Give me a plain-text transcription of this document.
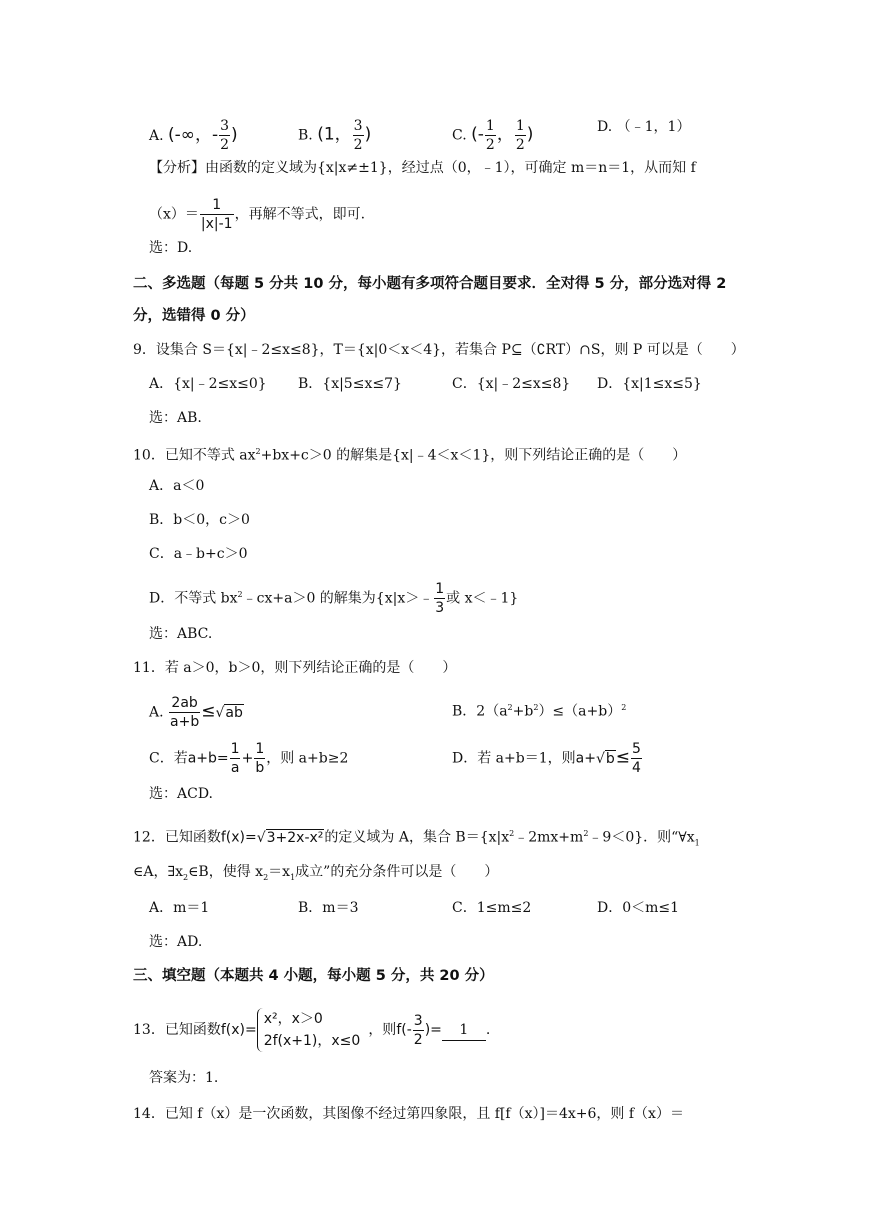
A. (-∞，- $\frac{3}{2}$ )	B. (1， $\frac{3}{2}$ )	C. (- $\frac{1}{2}$ ， $\frac{1}{2}$ )	D. （﹣1，1）
【分析】由函数的定义域为{x|x≠±1}，经过点（0，﹣1），可确定 m＝n＝1，从而知 f
$(x)= \frac{1}{|x|-1}$ ，再解不等式，即可.
选：D.
二、多选题（每题 5 分共 10 分，每小题有多项符合题目要求．全对得 5 分，部分选对得 2
分，选错得 0 分）
9．设集合 S＝{x|﹣2≤x≤8}，T＝{x|0＜x＜4}，若集合 P⊆（∁RT）∩S，则 P 可以是（　　）
A．{x|﹣2≤x≤0} B．{x|5≤x≤7}	C．{x|﹣2≤x≤8} D．{x|1≤x≤5}
选：AB.
10．已知不等式 $ax^2+bx+c>0$ 的解集是{x|﹣4＜x＜1}，则下列结论正确的是（　　）
A．a＜0
B．b＜0，c＞0
C．a﹣b+c＞0
D．不等式 $bx^2﹣cx+a>0$ 的解集为{x|x＞﹣ $\frac{1}{3}$ 或 x＜﹣1}
选：ABC.
11．若 a＞0，b＞0，则下列结论正确的是（　　）
A. $\frac{2ab}{a+b} \le√ab$	B．$2(a^2+b^2)\le(a+b)^2$
C．若$a+b= \frac{1}{a} + \frac{1}{b}$ ，则 a+b≥2	D．若 a+b＝1，则$a+√b\le \frac{5}{4}$
选：ACD.
12．已知函数f(x)=√3+2x-x²的定义域为 A，集合 $B=\{x|x^2﹣2mx+m^2﹣9<0\}$．则“$\forall x_1$
∈A，$\exists x_2\in B$，使得 $x_2=x_1$成立”的充分条件可以是（　　）
A．m＝1	B．m＝3	C．1≤m≤2	D．0＜m≤1
选：AD.
三、填空题（本题共 4 小题，每小题 5 分，共 20 分）
13．已知函数 f(x)=
x²，x＞0
2f(x+1)，x≤0
，则 $f(- \frac{3}{2}$ )=	1	.
答案为：1.
14．已知 f（x）是一次函数，其图像不经过第四象限，且 f[f（x）]＝4x+6，则 f（x）＝
